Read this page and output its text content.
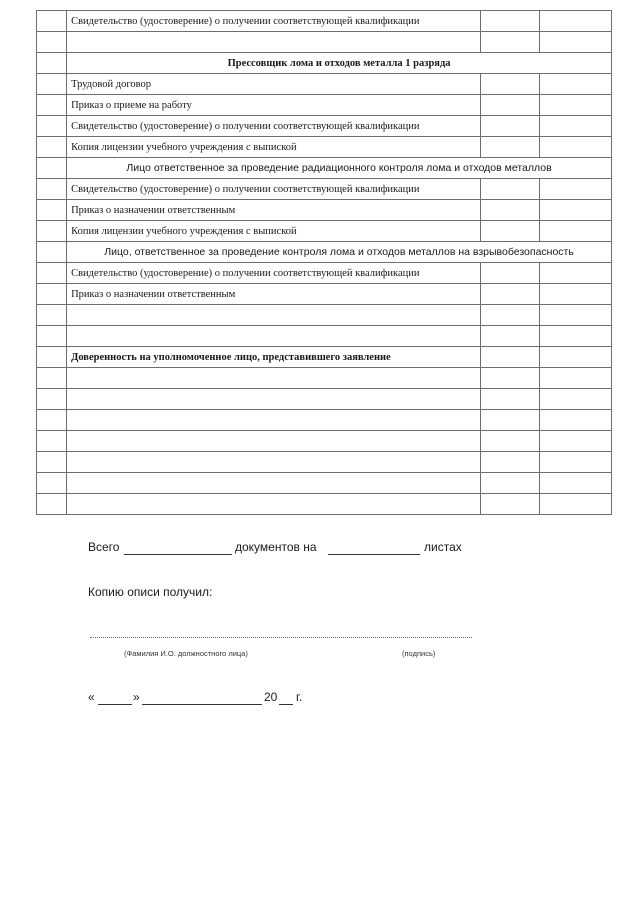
	Свидетельство (удостоверение) о получении соответствующей квалификации		

	Прессовщик лома и отходов металла 1 разряда		
	Трудовой договор		
	Приказ о приеме на работу		
	Свидетельство (удостоверение) о получении соответствующей квалификации		
	Копия лицензии учебного учреждения с выпиской		
	Лицо ответственное за проведение радиационного контроля лома и отходов металлов		
	Свидетельство (удостоверение) о получении соответствующей квалификации		
	Приказ о назначении ответственным		
	Копия лицензии учебного учреждения с выпиской		
	Лицо, ответственное за проведение контроля лома и отходов металлов на взрывобезопасность		
	Свидетельство (удостоверение) о получении соответствующей квалификации		
	Приказ о назначении ответственным		

	Доверенность на уполномоченное лицо, представившего заявление		

Всего	документов на	листах
Копию описи получил:
(Фамилия И.О. должностного лица)	(подпись)
«	»	20 г.
